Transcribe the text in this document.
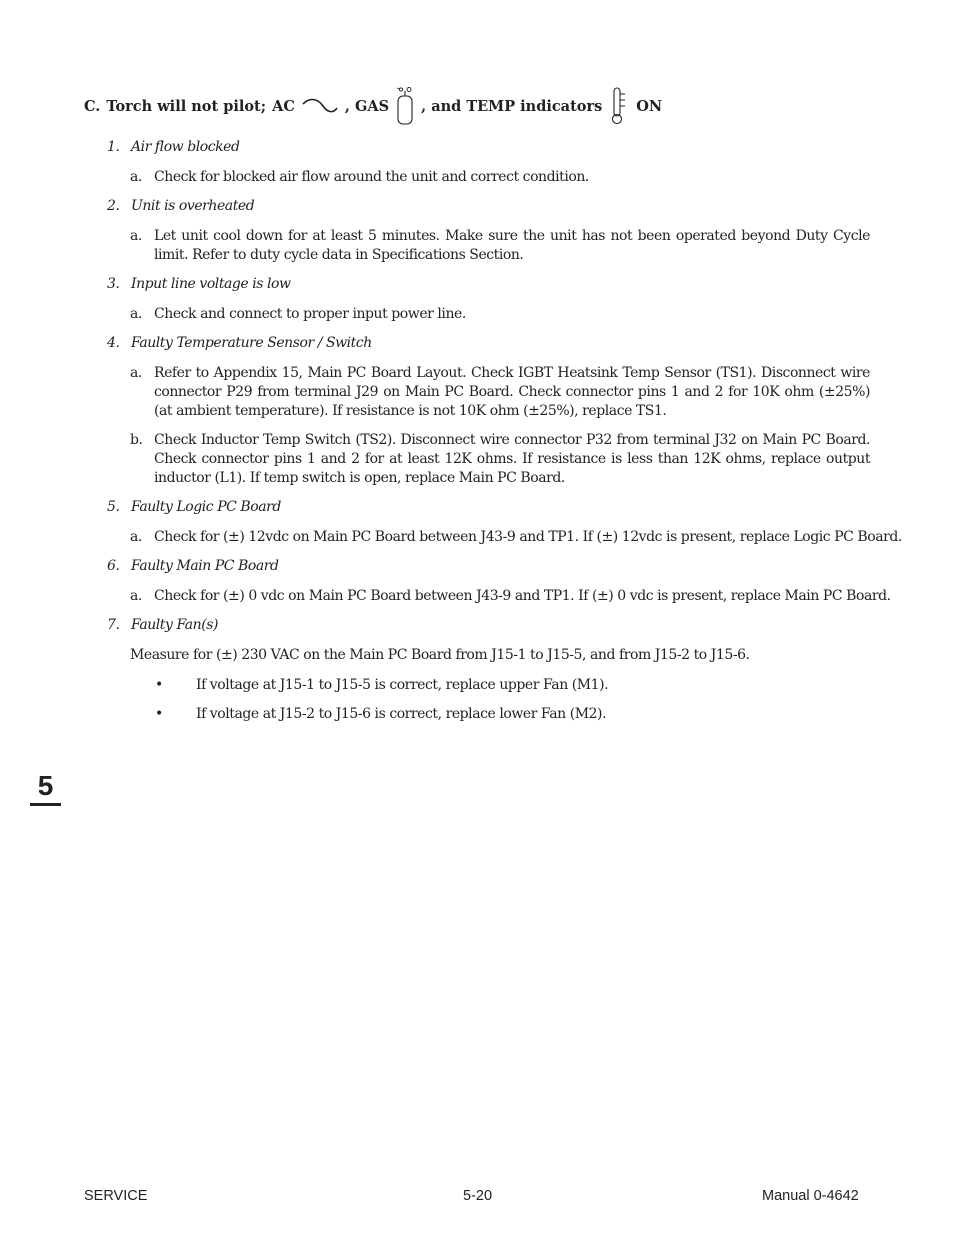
C. Torch will not pilot; AC	, GAS , and TEMP indicators ON
1. Air flow blocked
a. Check for blocked air flow around the unit and correct condition.
2. Unit is overheated
a. Let unit cool down for at least 5 minutes. Make sure the unit has not been operated beyond Duty Cycle limit. Refer to duty cycle data in Specifications Section.
3. Input line voltage is low
a. Check and connect to proper input power line.
4. Faulty Temperature Sensor / Switch
a. Refer to Appendix 15, Main PC Board Layout. Check IGBT Heatsink Temp Sensor (TS1). Disconnect wire connector P29 from terminal J29 on Main PC Board. Check connector pins 1 and 2 for 10K ohm (±25%) (at ambient temperature). If resistance is not 10K ohm (±25%), replace TS1.
b. Check Inductor Temp Switch (TS2). Disconnect wire connector P32 from terminal J32 on Main PC Board. Check connector pins 1 and 2 for at least 12K ohms. If resistance is less than 12K ohms, replace output inductor (L1). If temp switch is open, replace Main PC Board.
5. Faulty Logic PC Board
a. Check for (±) 12vdc on Main PC Board between J43-9 and TP1. If (±) 12vdc is present, replace Logic PC Board.
6. Faulty Main PC Board
a. Check for (±) 0 vdc on Main PC Board between J43-9 and TP1. If (±) 0 vdc is present, replace Main PC Board.
7. Faulty Fan(s)
Measure for (±) 230 VAC on the Main PC Board from J15-1 to J15-5, and from J15-2 to J15-6.
• If voltage at J15-1 to J15-5 is correct, replace upper Fan (M1).
• If voltage at J15-2 to J15-6 is correct, replace lower Fan (M2).
5
SERVICE	5-20	Manual 0-4642
